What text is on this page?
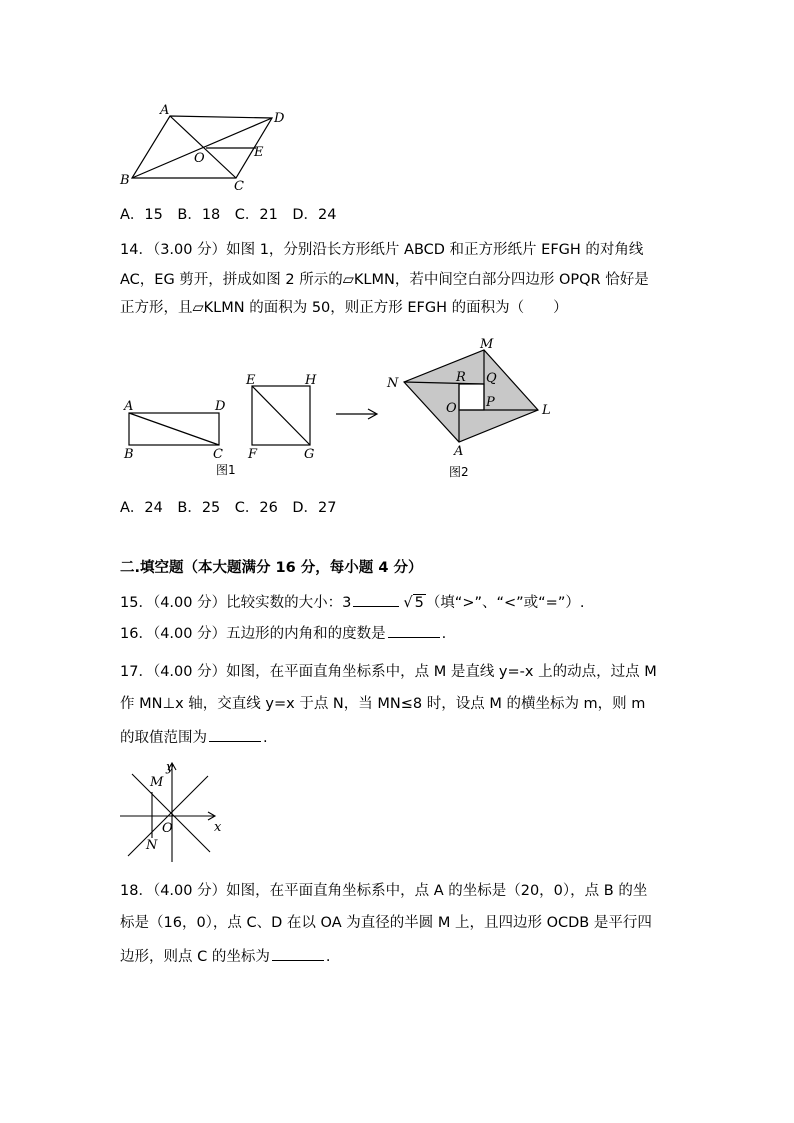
A
D
B	C
O	E
A．15　B．18　C．21　D．24
14．（3.00 分）如图 1，分别沿长方形纸片 ABCD 和正方形纸片 EFGH 的对角线
AC，EG 剪开，拼成如图 2 所示的▱KLMN，若中间空白部分四边形 OPQR 恰好是
正方形，且▱KLMN 的面积为 50，则正方形 EFGH 的面积为（　　）
A	D
B	C
E	H
F	G
图1
M
N
L
A
R Q
O P
图2
A．24　B．25　C．26　D．27
二.填空题（本大题满分 16 分，每小题 4 分）
15．（4.00 分）比较实数的大小：3	√ 5 （填“>”、“<”或“=”）.
16．（4.00 分）五边形的内角和的度数是	.
17．（4.00 分）如图，在平面直角坐标系中，点 M 是直线 y=-x 上的动点，过点 M
作 MN⊥x 轴，交直线 y=x 于点 N，当 MN≤8 时，设点 M 的横坐标为 m，则 m
的取值范围为	.
y
x
M
N
O
18．（4.00 分）如图，在平面直角坐标系中，点 A 的坐标是（20，0），点 B 的坐
标是（16，0），点 C、D 在以 OA 为直径的半圆 M 上，且四边形 OCDB 是平行四
边形，则点 C 的坐标为	.
